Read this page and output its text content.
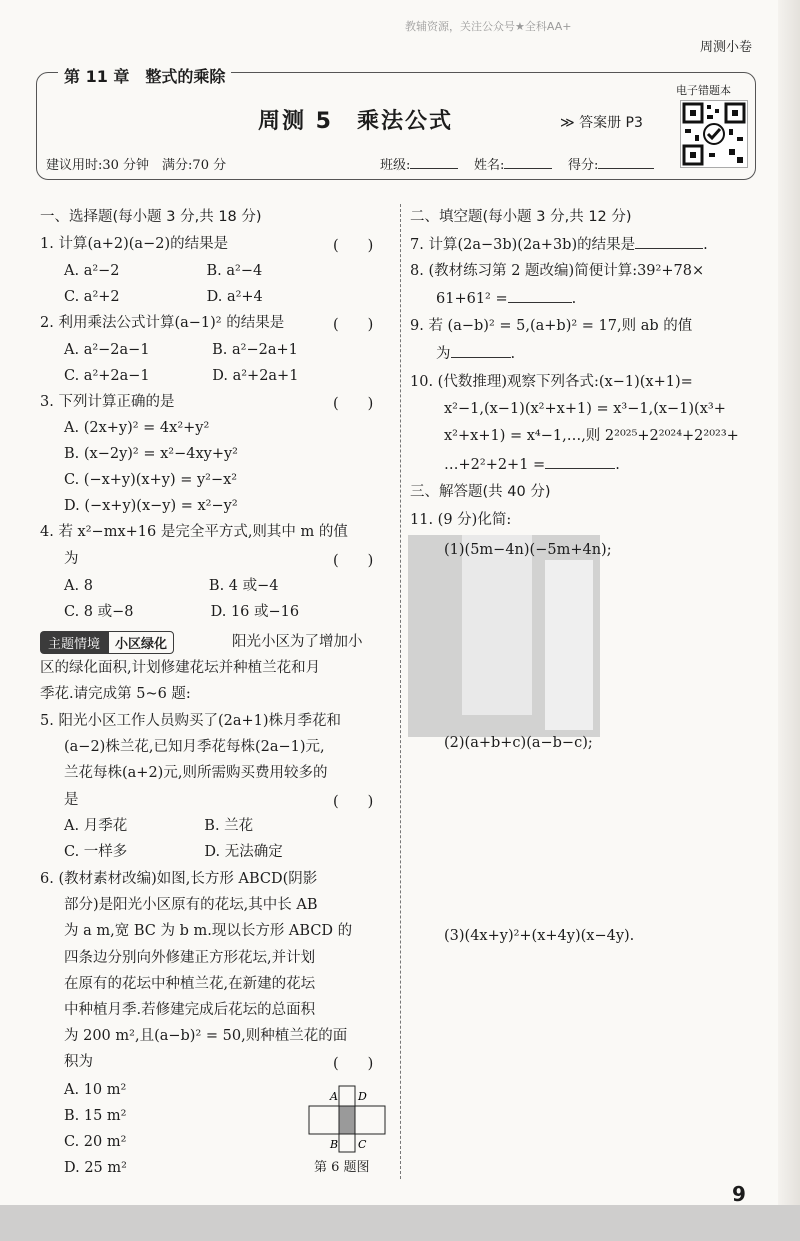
教辅资源，关注公众号★全科AA+
周测小卷
第 11 章　整式的乘除
周测 5　乘法公式	≫ 答案册 P3
电子错题本
建议用时:30 分钟　满分:70 分	班级:	姓名:	得分:
一、选择题(每小题 3 分,共 18 分)
1. 计算(a+2)(a−2)的结果是	(　　)
A. a²−2　　　　　　B. a²−4
C. a²+2　　　　　　D. a²+4
2. 利用乘法公式计算(a−1)² 的结果是	(　　)
A. a²−2a−1　　　　 B. a²−2a+1
C. a²+2a−1　　　　 D. a²+2a+1
3. 下列计算正确的是	(　　)
A. (2x+y)² = 4x²+y²
B. (x−2y)² = x²−4xy+y²
C. (−x+y)(x+y) = y²−x²
D. (−x+y)(x−y) = x²−y²
4. 若 x²−mx+16 是完全平方式,则其中 m 的值
为	(　　)
A. 8　　　　　　　　B. 4 或−4
C. 8 或−8　　　　　 D. 16 或−16
主题情境	小区绿化	阳光小区为了增加小
区的绿化面积,计划修建花坛并种植兰花和月
季花.请完成第 5~6 题:
5. 阳光小区工作人员购买了(2a+1)株月季花和
(a−2)株兰花,已知月季花每株(2a−1)元,
兰花每株(a+2)元,则所需购买费用较多的
是	(　　)
A. 月季花　　　　　 B. 兰花
C. 一样多　　　　　 D. 无法确定
6. (教材素材改编)如图,长方形 ABCD(阴影
部分)是阳光小区原有的花坛,其中长 AB
为 a m,宽 BC 为 b m.现以长方形 ABCD 的
四条边分别向外修建正方形花坛,并计划
在原有的花坛中种植兰花,在新建的花坛
中种植月季.若修建完成后花坛的总面积
为 200 m²,且(a−b)² = 50,则种植兰花的面
积为	(　　)
A. 10 m²
B. 15 m²
C. 20 m²
D. 25 m²
A D
B C
第 6 题图
二、填空题(每小题 3 分,共 12 分)
7. 计算(2a−3b)(2a+3b)的结果是	.
8. (教材练习第 2 题改编)简便计算:39²+78×
61+61² =	.
9. 若 (a−b)² = 5,(a+b)² = 17,则 ab 的值
为	.
10. (代数推理)观察下列各式:(x−1)(x+1)=
x²−1,(x−1)(x²+x+1) = x³−1,(x−1)(x³+
x²+x+1) = x⁴−1,…,则 2²⁰²⁵+2²⁰²⁴+2²⁰²³+
…+2²+2+1 =	.
三、解答题(共 40 分)
11. (9 分)化简:
(1)(5m−4n)(−5m+4n);
(2)(a+b+c)(a−b−c);
(3)(4x+y)²+(x+4y)(x−4y).
9
